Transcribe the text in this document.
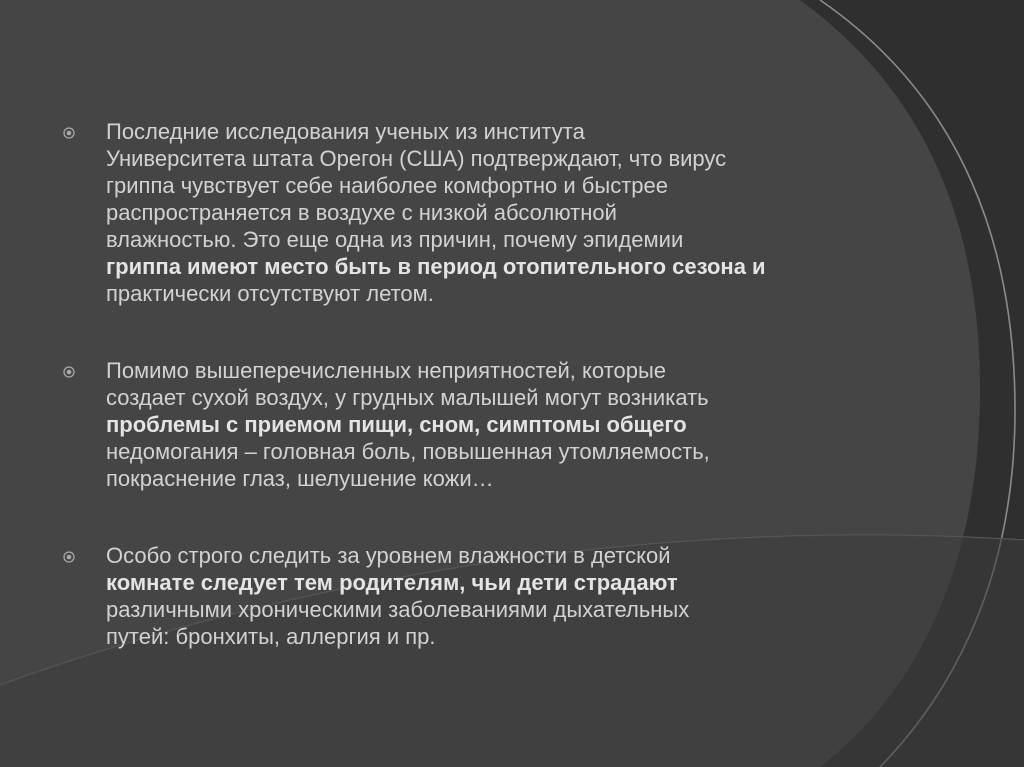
Последние исследования ученых из института
Университета штата Орегон (США) подтверждают, что вирус
гриппа чувствует себе наиболее комфортно и быстрее
распространяется в воздухе с низкой абсолютной
влажностью. Это еще одна из причин, почему эпидемии
гриппа имеют место быть в период отопительного сезона и
практически отсутствуют летом.

Помимо вышеперечисленных неприятностей, которые
создает сухой воздух, у грудных малышей могут возникать
проблемы с приемом пищи, сном, симптомы общего
недомогания – головная боль, повышенная утомляемость,
покраснение глаз, шелушение кожи…

Особо строго следить за уровнем влажности в детской
комнате следует тем родителям, чьи дети страдают
различными хроническими заболеваниями дыхательных
путей: бронхиты, аллергия и пр.
